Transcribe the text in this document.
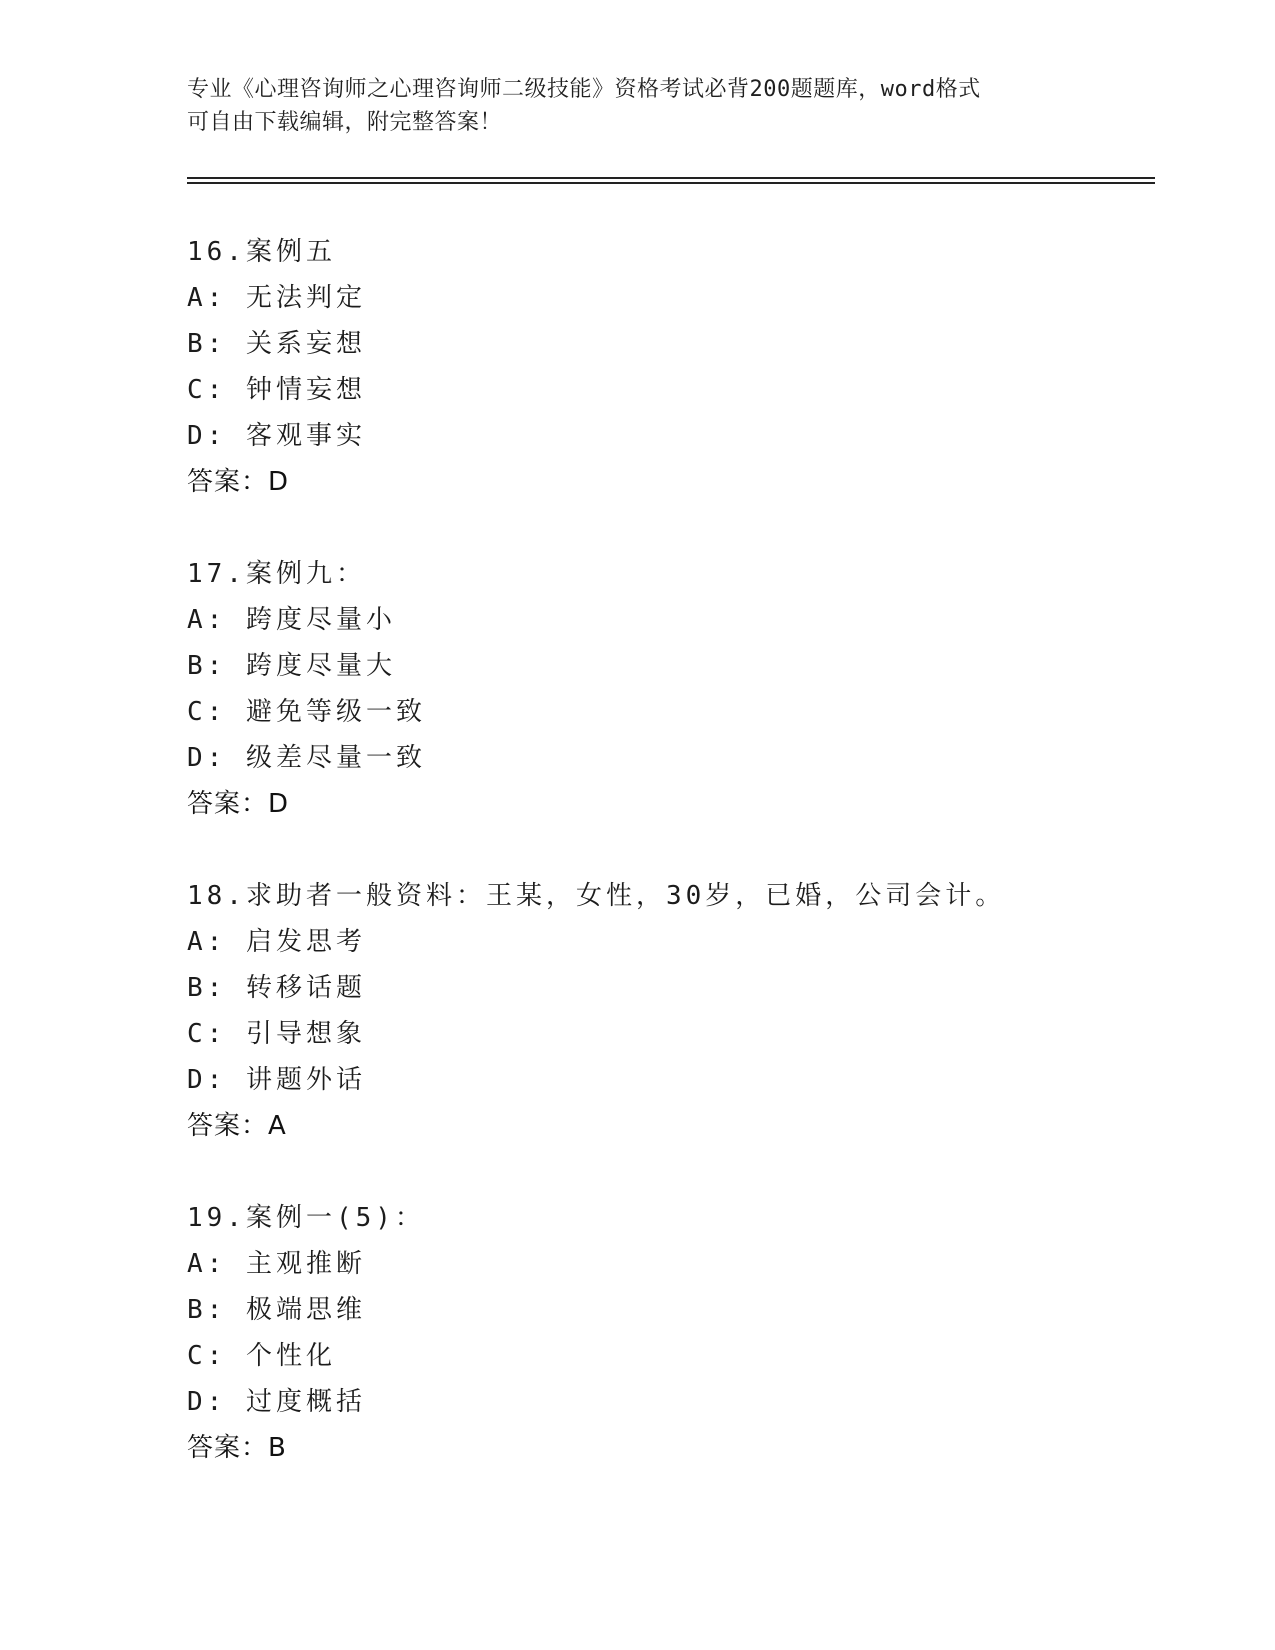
专业《心理咨询师之心理咨询师二级技能》资格考试必背200题题库，word格式
可自由下载编辑，附完整答案！
16.案例五
A: 无法判定
B: 关系妄想
C: 钟情妄想
D: 客观事实
答案：D
17.案例九：
A: 跨度尽量小
B: 跨度尽量大
C: 避免等级一致
D: 级差尽量一致
答案：D
18.求助者一般资料：王某，女性，30岁，已婚，公司会计。
A: 启发思考
B: 转移话题
C: 引导想象
D: 讲题外话
答案：A
19.案例一(5)：
A: 主观推断
B: 极端思维
C: 个性化
D: 过度概括
答案：B
